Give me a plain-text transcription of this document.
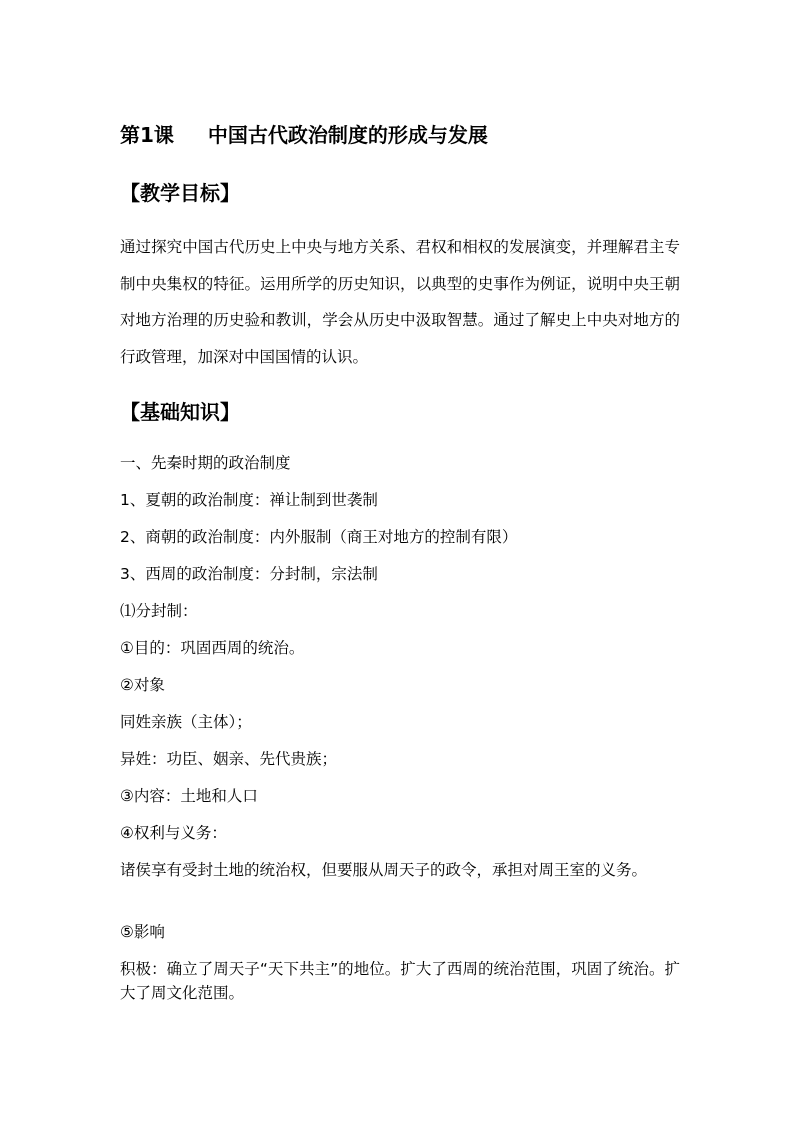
第1课 中国古代政治制度的形成与发展
【教学目标】
通过探究中国古代历史上中央与地方关系、君权和相权的发展演变，并理解君主专制中央集权的特征。运用所学的历史知识，以典型的史事作为例证，说明中央王朝对地方治理的历史验和教训，学会从历史中汲取智慧。通过了解史上中央对地方的行政管理，加深对中国国情的认识。
【基础知识】
一、先秦时期的政治制度
1、夏朝的政治制度：禅让制到世袭制
2、商朝的政治制度：内外服制（商王对地方的控制有限）
3、西周的政治制度：分封制，宗法制
⑴分封制：
①目的：巩固西周的统治。
②对象
同姓亲族（主体）；
异姓：功臣、姻亲、先代贵族；
③内容：土地和人口
④权利与义务：
诸侯享有受封土地的统治权，但要服从周天子的政令，承担对周王室的义务。
⑤影响
积极：确立了周天子“天下共主”的地位。扩大了西周的统治范围，巩固了统治。扩大了周文化范围。
